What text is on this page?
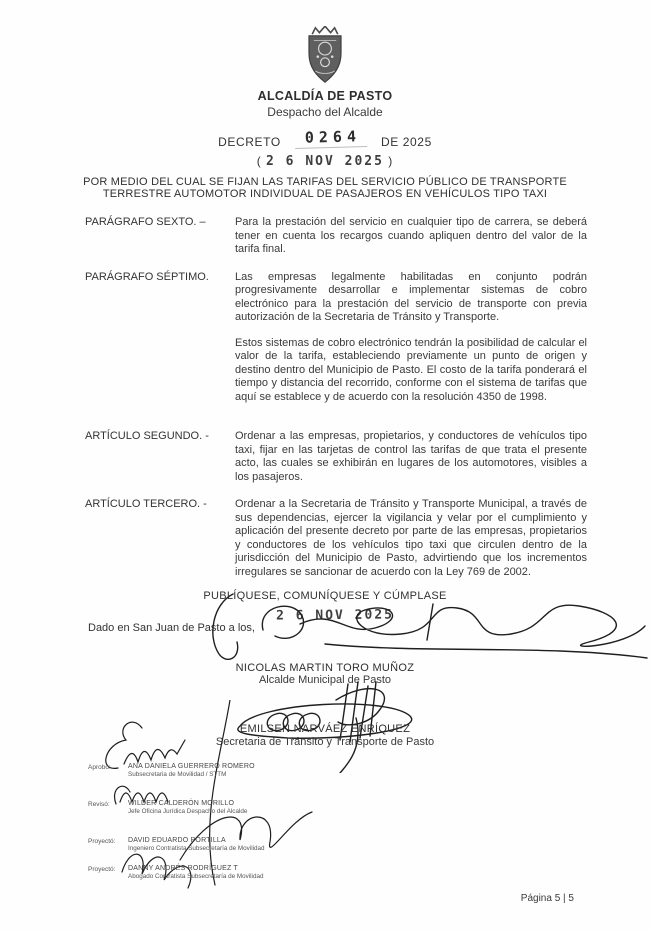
ALCALDÍA DE PASTO
Despacho del Alcalde
DECRETO 0264 DE 2025
( 2 6 NOV 2025 )
POR MEDIO DEL CUAL SE FIJAN LAS TARIFAS DEL SERVICIO PÚBLICO DE TRANSPORTE
TERRESTRE AUTOMOTOR INDIVIDUAL DE PASAJEROS EN VEHÍCULOS TIPO TAXI
PARÁGRAFO SEXTO. –	Para la prestación del servicio en cualquier tipo de carrera, se deberá tener en cuenta los recargos cuando apliquen dentro del valor de la tarifa final.
PARÁGRAFO SÉPTIMO.	Las empresas legalmente habilitadas en conjunto podrán progresivamente desarrollar e implementar sistemas de cobro electrónico para la prestación del servicio de transporte con previa autorización de la Secretaria de Tránsito y Transporte.
Estos sistemas de cobro electrónico tendrán la posibilidad de calcular el valor de la tarifa, estableciendo previamente un punto de origen y destino dentro del Municipio de Pasto. El costo de la tarifa ponderará el tiempo y distancia del recorrido, conforme con el sistema de tarifas que aquí se establece y de acuerdo con la resolución 4350 de 1998.
ARTÍCULO SEGUNDO. -	Ordenar a las empresas, propietarios, y conductores de vehículos tipo taxi, fijar en las tarjetas de control las tarifas de que trata el presente acto, las cuales se exhibirán en lugares de los automotores, visibles a los pasajeros.
ARTÍCULO TERCERO. -	Ordenar a la Secretaria de Tránsito y Transporte Municipal, a través de sus dependencias, ejercer la vigilancia y velar por el cumplimiento y aplicación del presente decreto por parte de las empresas, propietarios y conductores de los vehículos tipo taxi que circulen dentro de la jurisdicción del Municipio de Pasto, advirtiendo que los incrementos irregulares se sancionar de acuerdo con la Ley 769 de 2002.
PUBLÍQUESE, COMUNÍQUESE Y CÚMPLASE
2 6 NOV 2025
Dado en San Juan de Pasto a los,
NICOLAS MARTIN TORO MUÑOZ
Alcalde Municipal de Pasto
EMILSEN NARVÁEZ ENRÍQUEZ
Secretaria de Tránsito y Transporte de Pasto
Aprobó:	ANA DANIELA GUERRERO ROMERO
Subsecretaria de Movilidad / STTM
Revisó:	WILDER CALDERÓN MORILLO
Jefe Oficina Jurídica Despacho del Alcalde
Proyectó:	DAVID EDUARDO PORTILLA
Ingeniero Contratista Subsecretaría de Movilidad
Proyectó:	DANNY ANDRÉS RODRÍGUEZ T
Abogado Contratista Subsecretaría de Movilidad
Página 5 | 5
